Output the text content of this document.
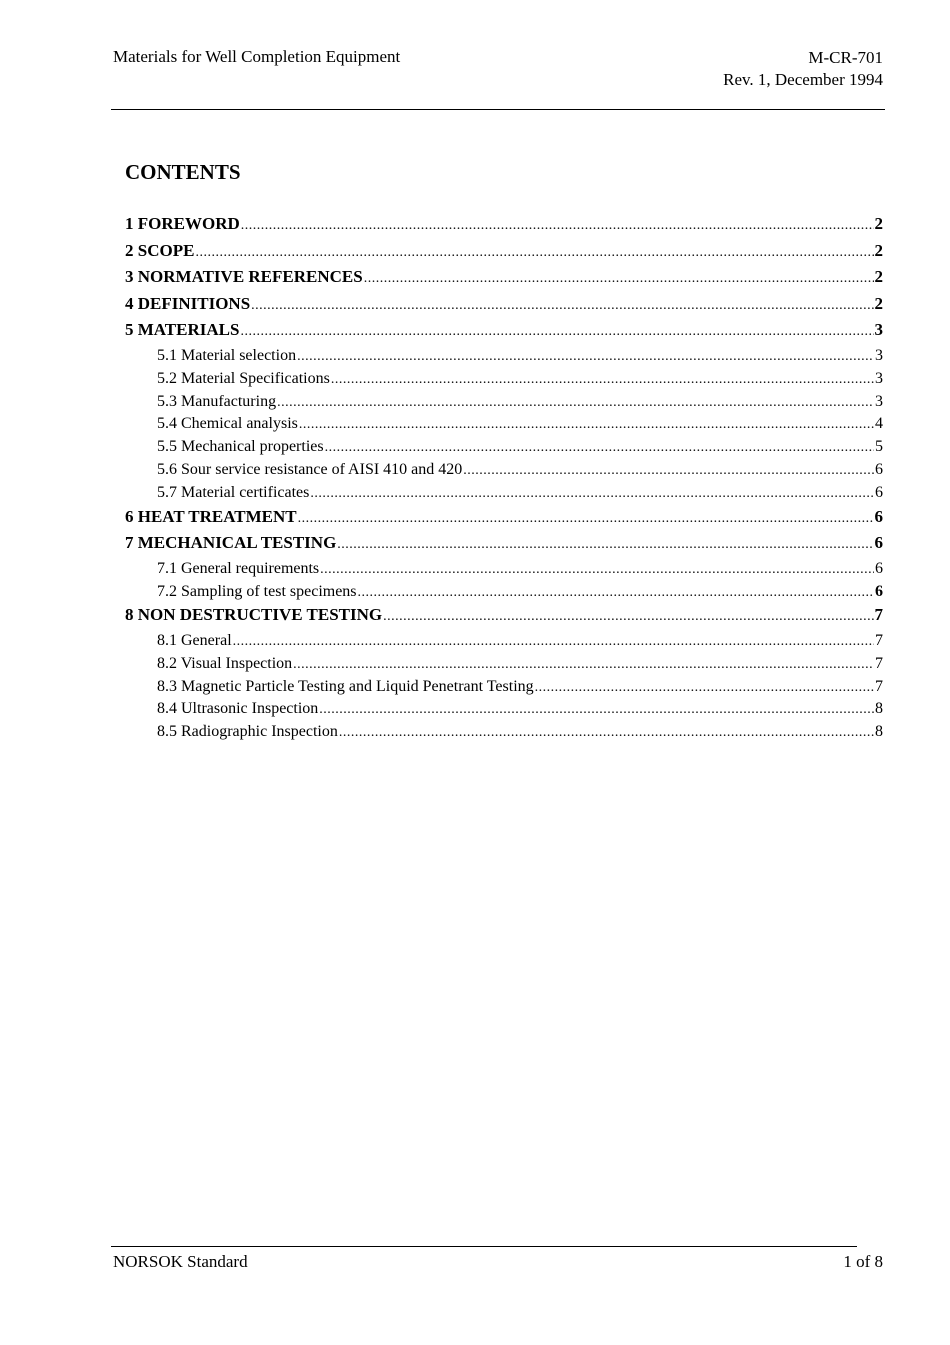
Materials for Well Completion Equipment	M-CR-701
Rev. 1, December 1994
CONTENTS
1 FOREWORD .....	2
2 SCOPE .....	2
3 NORMATIVE REFERENCES .....	2
4 DEFINITIONS .....	2
5 MATERIALS .....	3
5.1 Material selection .....	3
5.2 Material Specifications .....	3
5.3 Manufacturing .....	3
5.4 Chemical analysis .....	4
5.5 Mechanical properties .....	5
5.6 Sour service resistance of AISI 410 and 420 .....	6
5.7 Material certificates .....	6
6 HEAT TREATMENT .....	6
7 MECHANICAL TESTING .....	6
7.1 General requirements .....	6
7.2 Sampling of test specimens .....	6
8 NON DESTRUCTIVE TESTING .....	7
8.1 General .....	7
8.2 Visual Inspection .....	7
8.3 Magnetic Particle Testing and Liquid Penetrant Testing .....	7
8.4 Ultrasonic Inspection .....	8
8.5 Radiographic Inspection .....	8
NORSOK Standard	1 of 8
